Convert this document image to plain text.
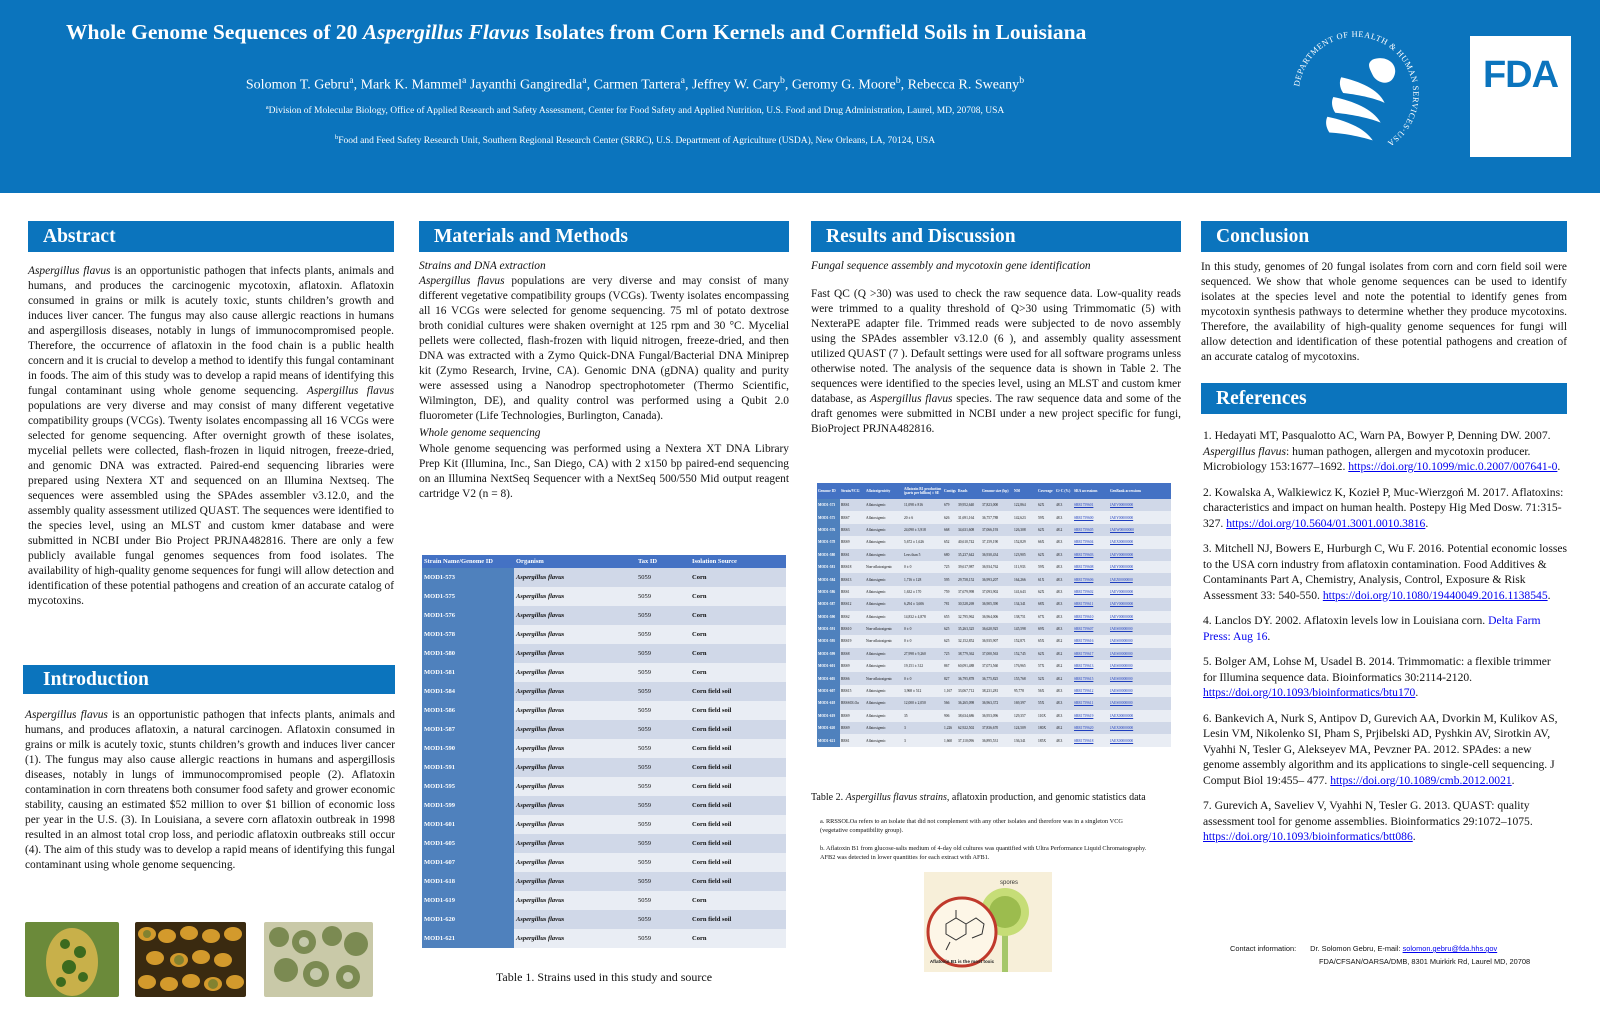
Whole Genome Sequences of 20 Aspergillus Flavus Isolates from Corn Kernels and Cornfield Soils in Louisiana
Solomon T. Gebru$^a$, Mark K. Mammel$^a$ Jayanthi Gangiredla$^a$, Carmen Tartera$^a$, Jeffrey W. Cary$^b$, Geromy G. Moore$^b$, Rebecca R. Sweany$^b$
$^a$Division of Molecular Biology, Office of Applied Research and Safety Assessment, Center for Food Safety and Applied Nutrition, U.S. Food and Drug Administration, Laurel, MD, 20708, USA
$^b$Food and Feed Safety Research Unit, Southern Regional Research Center (SRRC), U.S. Department of Agriculture (USDA), New Orleans, LA, 70124, USA
DEPARTMENT OF HEALTH & HUMAN SERVICES·USA
FDA
Abstract
Aspergillus flavus is an opportunistic pathogen that infects plants, animals and humans, and produces the carcinogenic mycotoxin, aflatoxin. Aflatoxin consumed in grains or milk is acutely toxic, stunts children’s growth and induces liver cancer. The fungus may also cause allergic reactions in humans and aspergillosis diseases, notably in lungs of immunocompromised people. Therefore, the occurrence of aflatoxin in the food chain is a public health concern and it is crucial to develop a method to identify this fungal contaminant in foods. The aim of this study was to develop a rapid means of identifying this fungal contaminant using whole genome sequencing. Aspergillus flavus populations are very diverse and may consist of many different vegetative compatibility groups (VCGs). Twenty isolates encompassing all 16 VCGs were selected for genome sequencing. After overnight growth of these isolates, mycelial pellets were collected, flash-frozen in liquid nitrogen, freeze-dried, and genomic DNA was extracted. Paired-end sequencing libraries were prepared using Nextera XT and sequenced on an Illumina Nextseq. The sequences were assembled using the SPAdes assembler v3.12.0, and the assembly quality assessment utilized QUAST. The sequences were identified to the species level, using an MLST and custom kmer database and were submitted in NCBI under Bio Project PRJNA482816. There are only a few publicly available fungal genomes sequences from food isolates. The availability of high-quality genome sequences for fungi will allow detection and identification of these potential pathogens and creation of an accurate catalog of mycotoxins.
Introduction
Aspergillus flavus is an opportunistic pathogen that infects plants, animals and humans, and produces aflatoxin, a natural carcinogen. Aflatoxin consumed in grains or milk is acutely toxic, stunts children’s growth and induces liver cancer (1). The fungus may also cause allergic reactions in humans and aspergillosis diseases, notably in lungs of immunocompromised people (2). Aflatoxin contamination in corn threatens both consumer food safety and grower economic stability, causing an estimated $52 million to over $1 billion of economic loss per year in the U.S. (3). In Louisiana, a severe corn aflatoxin outbreak in 1998 resulted in an almost total crop loss, and periodic aflatoxin outbreaks still occur (4). The aim of this study was to develop a rapid means of identifying this fungal contaminant using whole genome sequencing.
Materials and Methods
Strains and DNA extraction
Aspergillus flavus populations are very diverse and may consist of many different vegetative compatibility groups (VCGs). Twenty isolates encompassing all 16 VCGs were selected for genome sequencing. 75 ml of potato dextrose broth conidial cultures were shaken overnight at 125 rpm and 30 °C. Mycelial pellets were collected, flash-frozen with liquid nitrogen, freeze-dried, and then DNA was extracted with a Zymo Quick-DNA Fungal/Bacterial DNA Miniprep kit (Zymo Research, Irvine, CA). Genomic DNA (gDNA) quality and purity were assessed using a Nanodrop spectrophotometer (Thermo Scientific, Wilmington, DE), and quality control was performed using a Qubit 2.0 fluorometer (Life Technologies, Burlington, Canada).
Whole genome sequencing
Whole genome sequencing was performed using a Nextera XT DNA Library Prep Kit (Illumina, Inc., San Diego, CA) with 2 x150 bp paired-end sequencing on an Illumina NextSeq Sequencer with a NextSeq 500/550 Mid output reagent cartridge V2 (n = 8).
Strain Name/Genome ID	Organism	Tax ID	Isolation Source
MOD1-573	Aspergillus flavus	5059	Corn
MOD1-575	Aspergillus flavus	5059	Corn
MOD1-576	Aspergillus flavus	5059	Corn
MOD1-578	Aspergillus flavus	5059	Corn
MOD1-580	Aspergillus flavus	5059	Corn
MOD1-581	Aspergillus flavus	5059	Corn
MOD1-584	Aspergillus flavus	5059	Corn field soil
MOD1-586	Aspergillus flavus	5059	Corn field soil
MOD1-587	Aspergillus flavus	5059	Corn field soil
MOD1-590	Aspergillus flavus	5059	Corn field soil
MOD1-591	Aspergillus flavus	5059	Corn field soil
MOD1-595	Aspergillus flavus	5059	Corn field soil
MOD1-599	Aspergillus flavus	5059	Corn field soil
MOD1-601	Aspergillus flavus	5059	Corn field soil
MOD1-605	Aspergillus flavus	5059	Corn field soil
MOD1-607	Aspergillus flavus	5059	Corn field soil
MOD1-618	Aspergillus flavus	5059	Corn field soil
MOD1-619	Aspergillus flavus	5059	Corn
MOD1-620	Aspergillus flavus	5059	Corn field soil
MOD1-621	Aspergillus flavus	5059	Corn
Table 1. Strains used in this study and source
Results and Discussion
Fungal sequence assembly and mycotoxin gene identification
Fast QC (Q >30) was used to check the raw sequence data. Low-quality reads were trimmed to a quality threshold of Q>30 using Trimmomatic (5) with NexteraPE adapter file. Trimmed reads were subjected to de novo assembly using the SPAdes assembler v3.12.0 (6 ), and assembly quality assessment utilized QUAST (7 ). Default settings were used for all software programs unless otherwise noted. The analysis of the sequence data is shown in Table 2. The sequences were identified to the species level, using an MLST and custom kmer database, as Aspergillus flavus species. The raw sequence data and some of the draft genomes were submitted in NCBI under a new project specific for fungi, BioProject PRJNA482816.
Genome ID	Strain/VCG	Aflatoxigenicity	Aflatoxin B1 production (parts per billion) ± SE	Contigs	Reads	Genome size (bp)	N50	Coverage	G+C (%)	SRA accessions	GenBank accessions
MOD1-573	RRS1	Aflatoxigenic	11,098 ± 816	679	39,952,640	37,823,000	122,864	62X	48.3	SRR1759601	JAEV00000000
MOD1-575	RRS7	Aflatoxigenic	20 ± 6	626	31,691,164	36,757,788	142,623	59X	48.3	SRR1759600	JAEY00000000
MOD1-576	RRS3	Aflatoxigenic	24,090 ± 3,918	668	34,631,608	37,066,193	126,308	62X	48.2	SRR1759605	JAEW00000000
MOD1-578	RRS9	Aflatoxigenic	5,672 ± 1,626	652	40,610,742	37,159,190	152,829	66X	48.3	SRR1759604	JAEX00000000
MOD1-580	RRS1	Aflatoxigenic	Less than 5	680	35,237,642	36,930,434	123,905	62X	48.3	SRR1759603	JAEV00000000
MOD1-581	RRS18	Non-aflatoxigenic	0 ± 0	725	39,617,987	36,934,762	111,933	59X	48.3	SRR1759608	JAEY00000000
MOD1-584	RRS13	Aflatoxigenic	1,716 ± 128	595	29,758,152	36,993,207	164,266	61X	48.3	SRR1759606	JAEZ00000000
MOD1-586	RRS1	Aflatoxigenic	1,632 ± 170	759	37,679,998	37,093,902	141,643	62X	48.3	SRR1759602	JAEV00000000
MOD1-587	RRS12	Aflatoxigenic	6,294 ± 3,606	781	30,528,269	36,905,390	134,341	68X	48.3	SRR1759611	JAEV00000000
MOD1-590	RRS2	Aflatoxigenic	14,832 ± 4,878	655	32,795,962	36,964,006	138,751	67X	48.3	SRR1759610	JAEV00000000
MOD1-591	RRS10	Non-aflatoxigenic	0 ± 0	625	35,263,325	36,620,925	145,598	69X	48.3	SRR1759607	JAES00000000
MOD1-595	RRS19	Non-aflatoxigenic	0 ± 0	625	32,152,852	36,935,907	152,871	65X	48.2	SRR1759616	JAES00000000
MOD1-599	RRS8	Aflatoxigenic	27,998 ± 9,260	725	38,779,362	37,000,563	152,745	62X	48.2	SRR1759617	JAES00000000
MOD1-601	RRS9	Aflatoxigenic	19,151 ± 312	867	60,091,488	37,073,560	176,965	57X	48.2	SRR1759613	JAES00000000
MOD1-605	RRS6	Non-aflatoxigenic	0 ± 0	827	36,795,878	36,775,825	155,768	52X	48.2	SRR1759615	JAES00000000
MOD1-607	RRS15	Aflatoxigenic	3,968 ± 512	1,167	33,067,712	38,231,281	95,778	56X	48.3	SRR1759612	JAES00000000
MOD1-618	RRSSOLOa	Aflatoxigenic	12,000 ± 2,050	566	36,265,098	36,963,372	169,397	55X	48.3	SRR1759611	JAES00000000
MOD1-619	RRS9	Aflatoxigenic	35	906	38,634,686	36,953,096	129,357	110X	48.3	SRR1759619	JAEX00000000
MOD1-620	RRS9	Aflatoxigenic	3	1,226	62,922,502	37,836,670	124,509	180X	48.2	SRR1759620	JAEX00000000
MOD1-621	RRS1	Aflatoxigenic	3	1,660	37,110,096	36,895,531	136,341	185X	48.3	SRR1759618	JAEX00000000
Table 2. Aspergillus flavus strains, aflatoxin production, and genomic statistics data
a. RRSSOLOa refers to an isolate that did not complement with any other isolates and therefore was in a singleton VCG (vegetative compatibility group).
b. Aflatoxin B1 from glucose-salts medium of 4-day old cultures was quantified with Ultra Performance Liquid Chromatography. AFB2 was detected in lower quantities for each extract with AFB1.
spores
Aflatoxin B1 is the most toxic
Conclusion
In this study, genomes of 20 fungal isolates from corn and corn field soil were sequenced. We show that whole genome sequences can be used to identify isolates at the species level and note the potential to identify genes from mycotoxin synthesis pathways to determine whether they produce mycotoxins. Therefore, the availability of high-quality genome sequences for fungi will allow detection and identification of these potential pathogens and creation of an accurate catalog of mycotoxins.
References
1. Hedayati MT, Pasqualotto AC, Warn PA, Bowyer P, Denning DW. 2007. Aspergillus flavus: human pathogen, allergen and mycotoxin producer. Microbiology 153:1677–1692. https://doi.org/10.1099/mic.0.2007/007641-0.
2. Kowalska A, Walkiewicz K, Kozieł P, Muc-Wierzgoń M. 2017. Aflatoxins: characteristics and impact on human health. Postepy Hig Med Dosw. 71:315-327. https://doi.org/10.5604/01.3001.0010.3816.
3. Mitchell NJ, Bowers E, Hurburgh C, Wu F. 2016. Potential economic losses to the USA corn industry from aflatoxin contamination. Food Additives & Contaminants Part A, Chemistry, Analysis, Control, Exposure & Risk Assessment 33: 540-550. https://doi.org/10.1080/19440049.2016.1138545.
4. Lanclos DY. 2002. Aflatoxin levels low in Louisiana corn. Delta Farm Press: Aug 16.
5. Bolger AM, Lohse M, Usadel B. 2014. Trimmomatic: a flexible trimmer for Illumina sequence data. Bioinformatics 30:2114-2120. https://doi.org/10.1093/bioinformatics/btu170.
6. Bankevich A, Nurk S, Antipov D, Gurevich AA, Dvorkin M, Kulikov AS, Lesin VM, Nikolenko SI, Pham S, Prjibelski AD, Pyshkin AV, Sirotkin AV, Vyahhi N, Tesler G, Alekseyev MA, Pevzner PA. 2012. SPAdes: a new genome assembly algorithm and its applications to single-cell sequencing. J Comput Biol 19:455– 477. https://doi.org/10.1089/cmb.2012.0021.
7. Gurevich A, Saveliev V, Vyahhi N, Tesler G. 2013. QUAST: quality assessment tool for genome assemblies. Bioinformatics 29:1072–1075. https://doi.org/10.1093/bioinformatics/btt086.
Contact information: Dr. Solomon Gebru, E-mail: solomon.gebru@fda.hhs.gov
FDA/CFSAN/OARSA/DMB, 8301 Muirkirk Rd, Laurel MD, 20708
